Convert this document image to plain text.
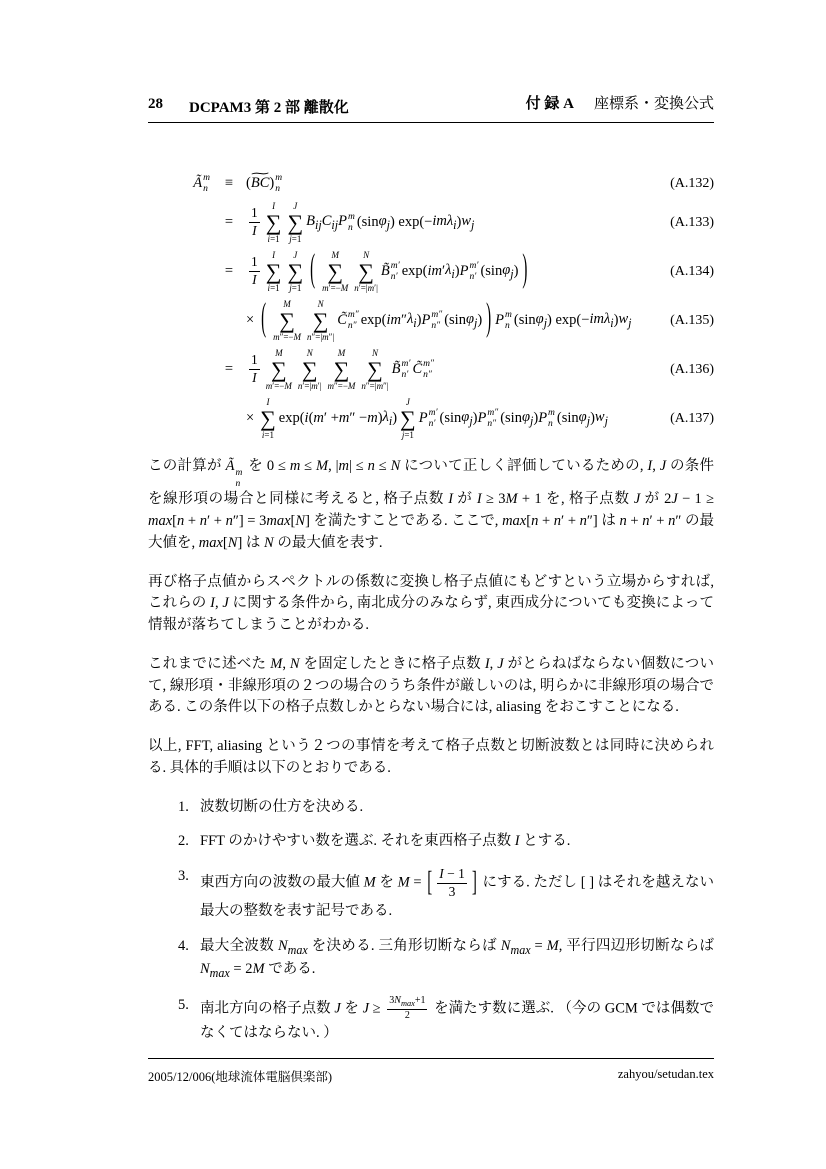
28 DCPAM3 第 2 部 離散化	付 録 A 座標系・変換公式
Ã m
n	≡ ( BC ∼ ) m
n	(A.132)
=
1
I
I
∑
i=1
J
∑
j=1
$B_{ij}C_{ij}P$ m
n (sin $\varphi_j$ ) exp(− imλ$_i$ ) $w_j$	(A.133)
=
1
I
I
∑
i=1
J
∑
j=1 ( M
∑
m′=−M
N
∑
n′=|m′|
B̃ m′
n′ exp( im ′ $\lambda_i$ ) P m′
n′ (sin $\varphi_j$ ) )	(A.134)
×  ( M
∑
m″=−M
N
∑
n″=|m″|
C̃ m″
n″ exp( im ″ $\lambda_i$ ) P m″
n″ (sin $\varphi_j$ ) ) P m
n (sin $\varphi_j$ ) exp(− imλ$_i$ ) $w_j$	(A.135)
=
1
I
M
∑
m′=−M
N
∑
n′=|m′|
M
∑
m″=−M
N
∑
n″=|m″|
B̃ m′
n′ C̃ m″
n″	(A.136)
× 
I
∑
i=1
exp( i ( m ′ + m ″ − m ) $\lambda_i$ )
J
∑
j=1
P m′
n′ (sin $\varphi_j$ ) P m″
n″ (sin $\varphi_j$ ) P m
n (sin $\varphi_j$ ) $w_j$	(A.137)

この計算が Ã m
n
を 0 ≤ m ≤ M, |m| ≤ n ≤ N について正しく評価しているための, I, J の条件を線形項の場合と同様に考えると, 格子点数 I が I ≥ 3M + 1 を, 格子点数 J が 2J − 1 ≥ max[n + n′ + n″] = 3max[N] を満たすことである. ここで, max[n + n′ + n″] は n + n′ + n″ の最大値を, max[N] は N の最大値を表す.

再び格子点値からスペクトルの係数に変換し格子点値にもどすという立場からすれば, これらの I, J に関する条件から, 南北成分のみならず, 東西成分についても変換によって情報が落ちてしまうことがわかる.

これまでに述べた M, N を固定したときに格子点数 I, J がとらねばならない個数について, 線形項・非線形項の２つの場合のうち条件が厳しいのは, 明らかに非線形項の場合である. この条件以下の格子点数しかとらない場合には, aliasing をおこすことになる.

以上, FFT, aliasing という２つの事情を考えて格子点数と切断波数とは同時に決められる. 具体的手順は以下のとおりである.

1. 波数切断の仕方を決める.
2. FFT のかけやすい数を選ぶ. それを東西格子点数 I とする.
3. 東西方向の波数の最大値 M を M = [ $\frac{I - 1}{3}$ ] にする. ただし [ ] はそれを越えない最大の整数を表す記号である.
4. 最大全波数 $N_{max}$ を決める. 三角形切断ならば $N_{max} = M$, 平行四辺形切断ならば $N_{max} = 2M$ である.
5. 南北方向の格子点数 J を $J \ge 3N_{max}+1$
2	を満たす数に選ぶ. （今の GCM では偶数でなくてはならない. ）
2005/12/006(地球流体電脳倶楽部)	zahyou/setudan.tex
